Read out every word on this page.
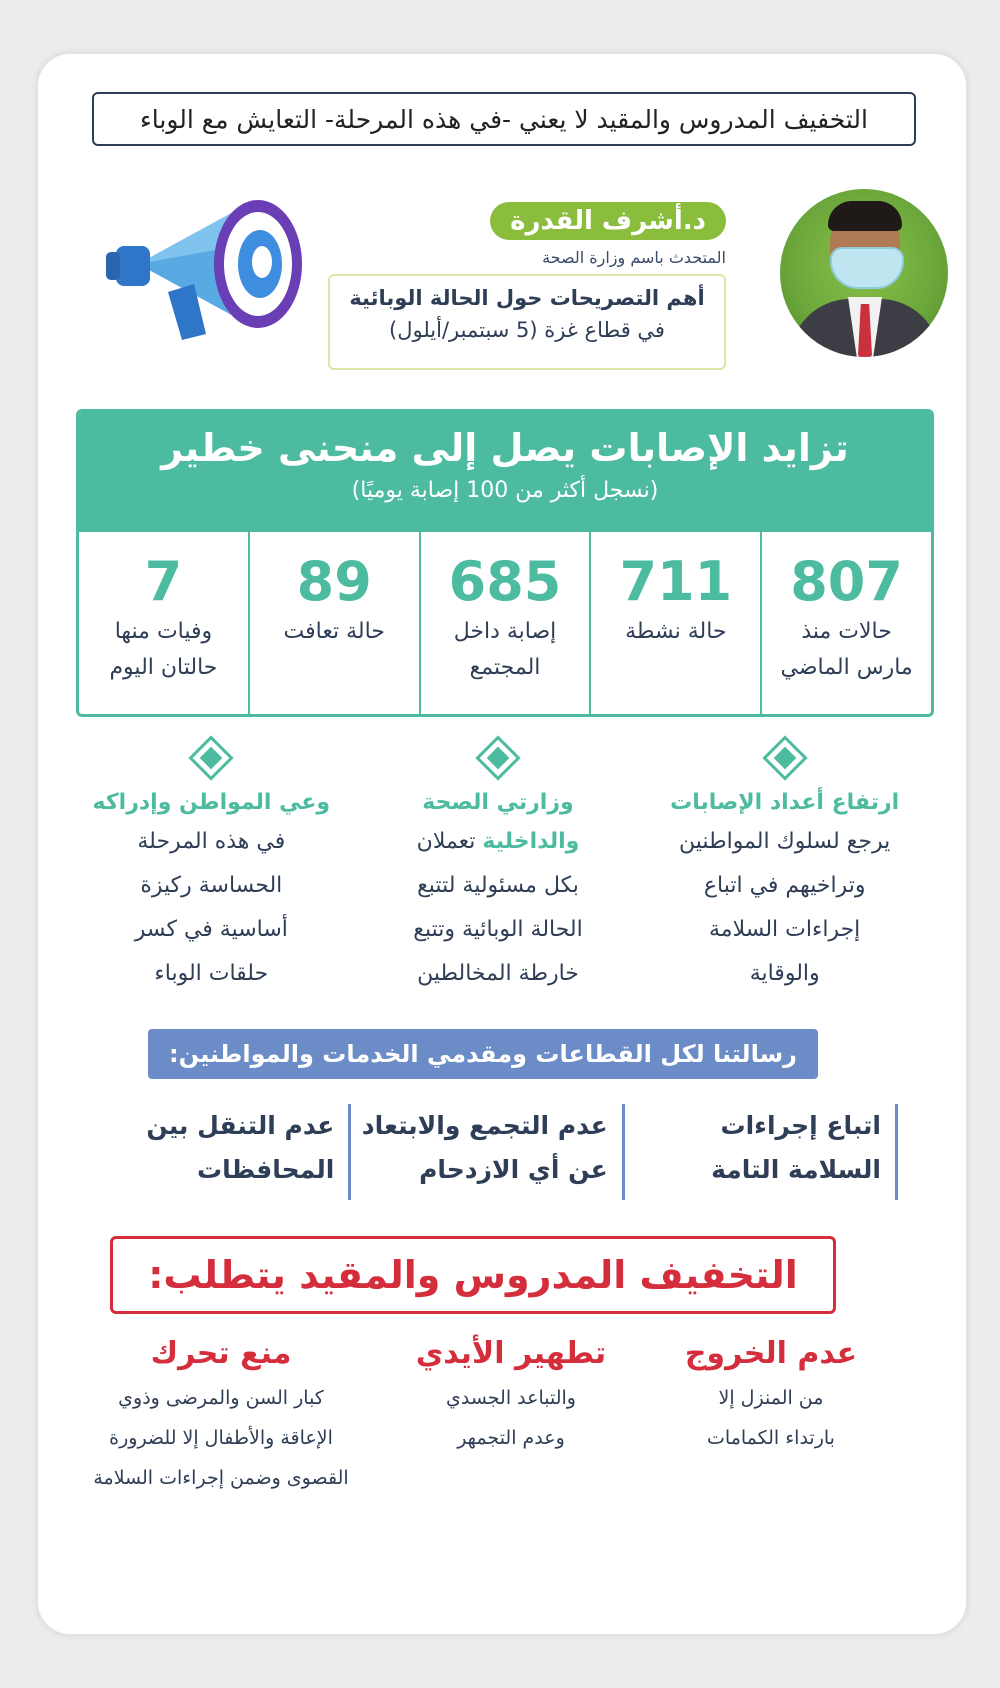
التخفيف المدروس والمقيد لا يعني -في هذه المرحلة- التعايش مع الوباء
د.أشرف القدرة
المتحدث باسم وزارة الصحة
أهم التصريحات حول الحالة الوبائية
في قطاع غزة (5 سبتمبر/أيلول)
تزايد الإصابات يصل إلى منحنى خطير
(نسجل أكثر من 100 إصابة يوميًا)
807
حالات منذ
مارس الماضي
711
حالة نشطة
685
إصابة داخل
المجتمع
89
حالة تعافت
7
وفيات منها
حالتان اليوم
ارتفاع أعداد الإصابات
يرجع لسلوك المواطنين
وتراخيهم في اتباع
إجراءات السلامة
والوقاية
وزارتي الصحة
والداخلية تعملان
بكل مسئولية لتتبع
الحالة الوبائية وتتبع
خارطة المخالطين
وعي المواطن وإدراكه
في هذه المرحلة
الحساسة ركيزة
أساسية في كسر
حلقات الوباء
رسالتنا لكل القطاعات ومقدمي الخدمات والمواطنين:
اتباع إجراءات
السلامة التامة
عدم التجمع والابتعاد
عن أي الازدحام
عدم التنقل بين
المحافظات
التخفيف المدروس والمقيد يتطلب:
عدم الخروج
من المنزل إلا
بارتداء الكمامات
تطهير الأيدي
والتباعد الجسدي
وعدم التجمهر
منع تحرك
كبار السن والمرضى وذوي
الإعاقة والأطفال إلا للضرورة
القصوى وضمن إجراءات السلامة
